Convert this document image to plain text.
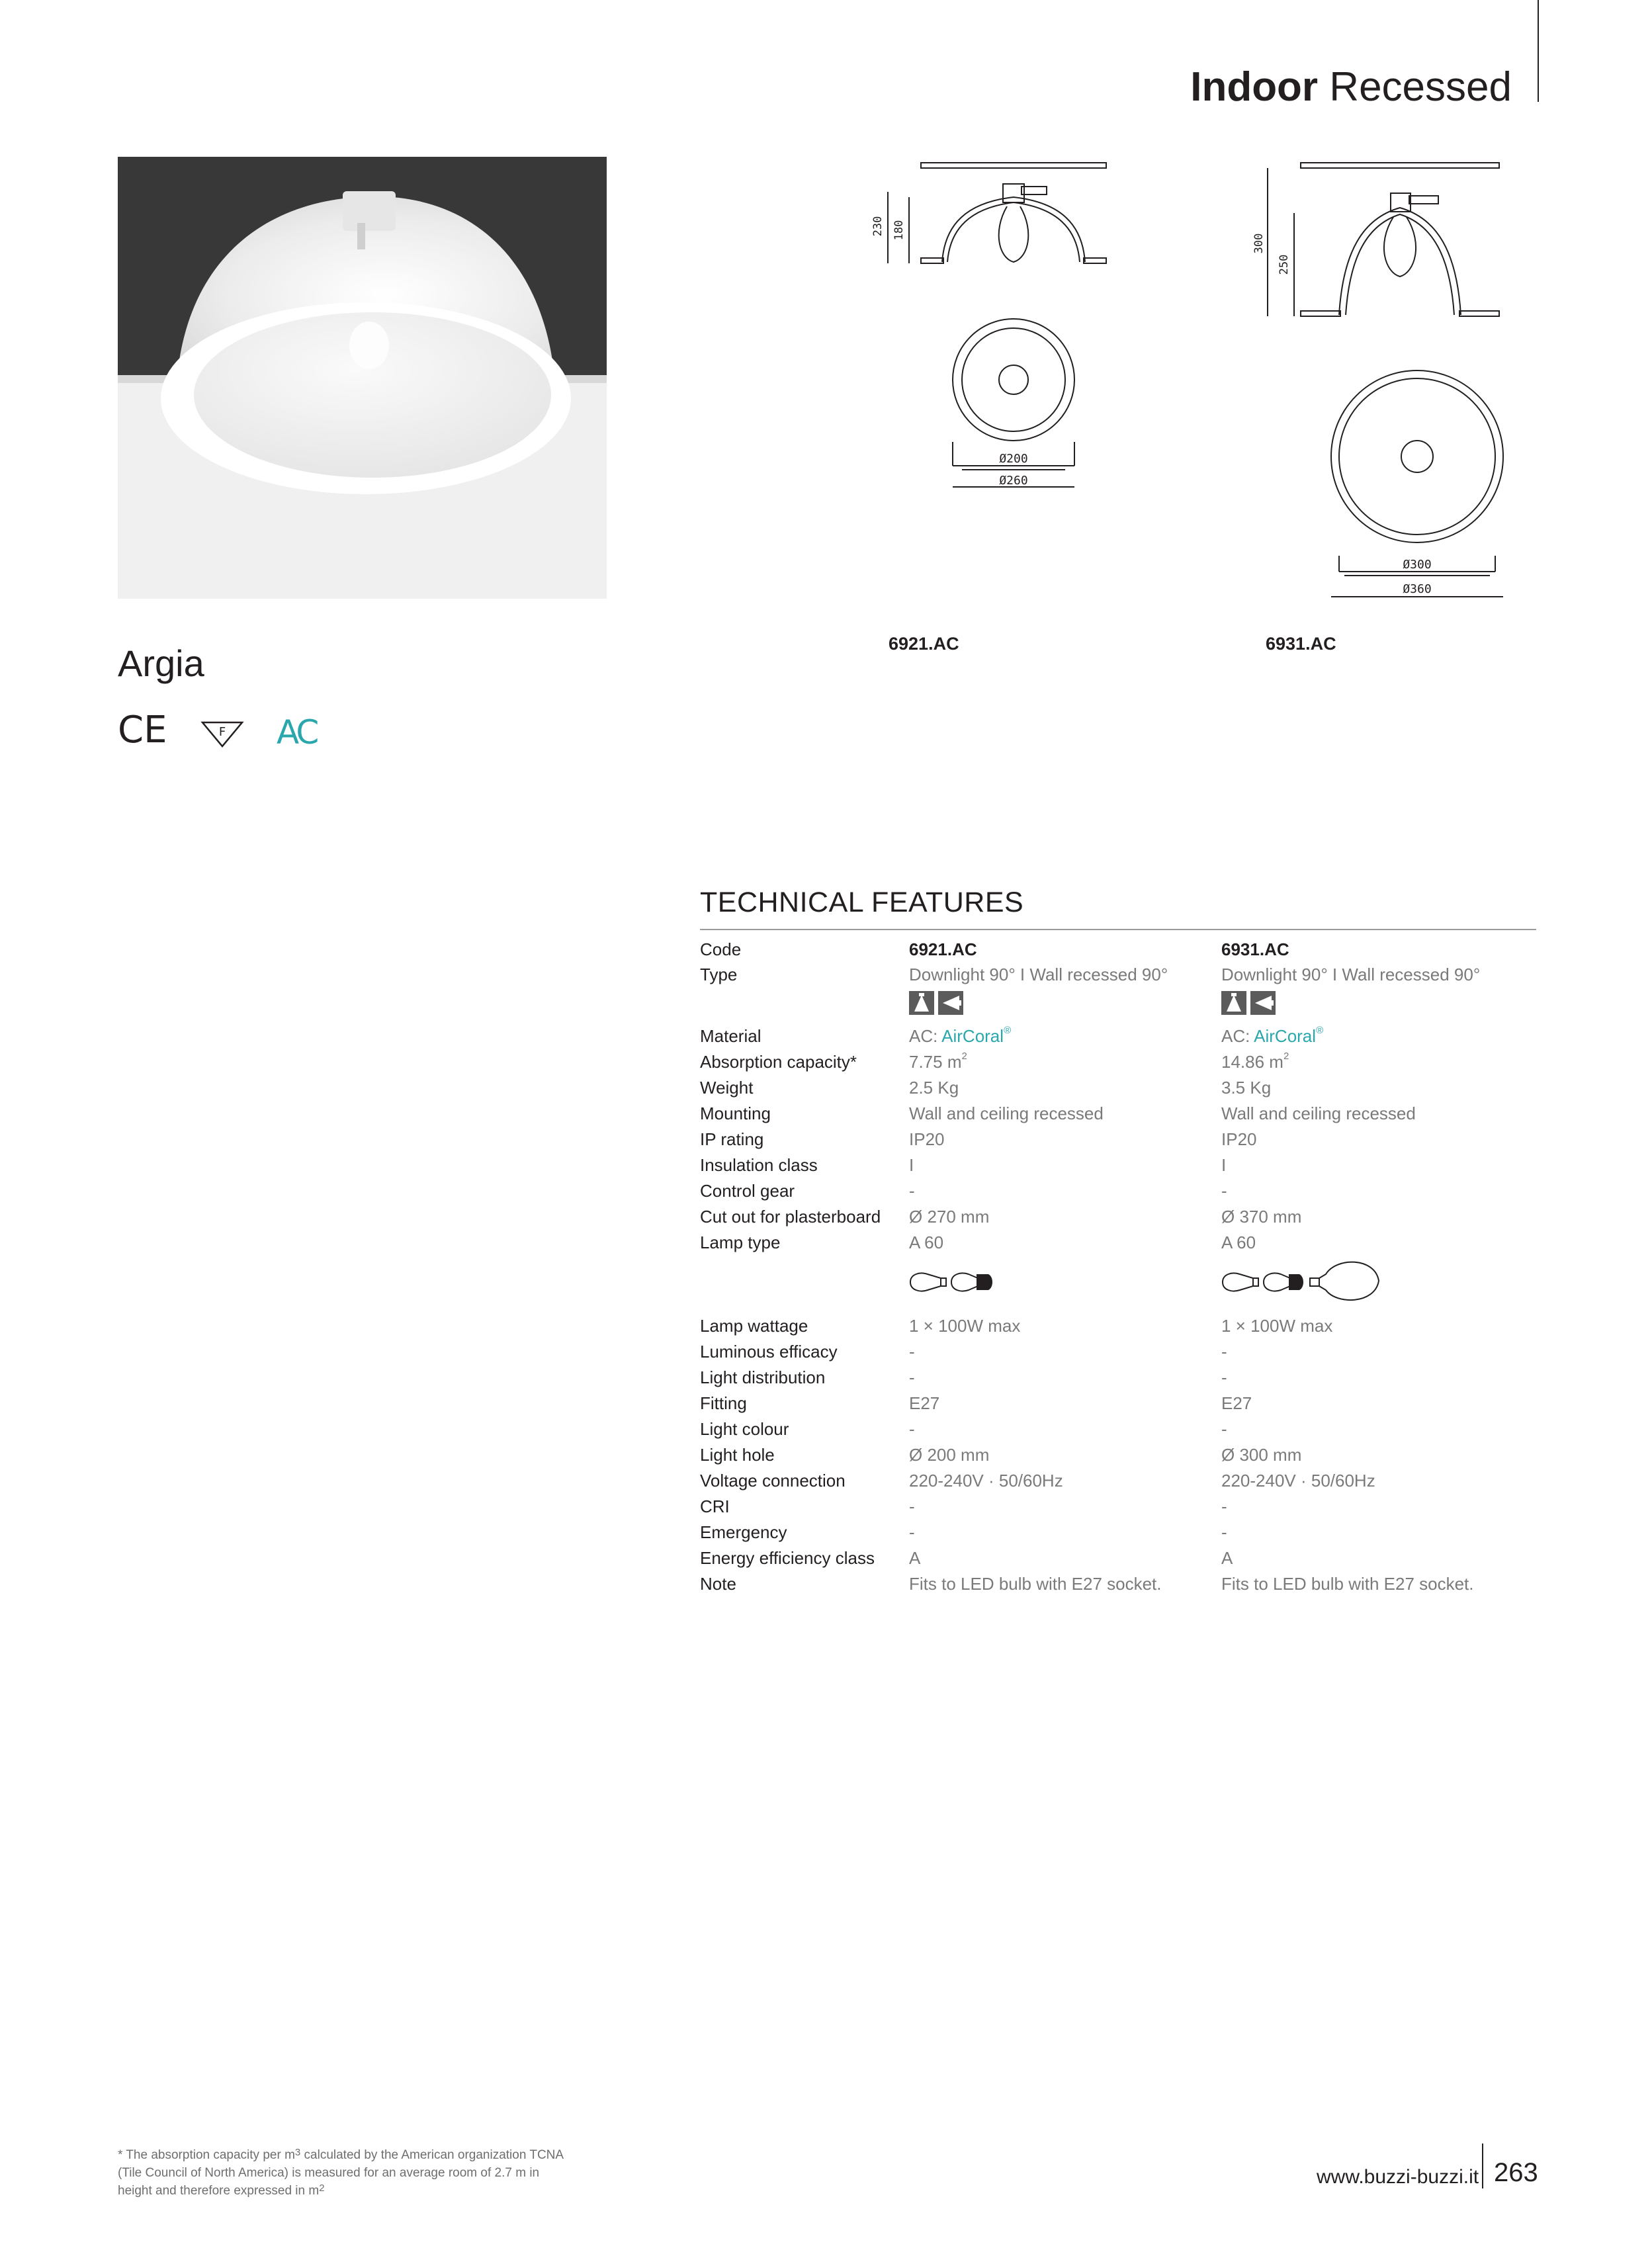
Indoor Recessed
230 180
Ø200
Ø260
6921.AC
300
250
Ø300
Ø360
6931.AC
Argia
CE	F AC
TECHNICAL FEATURES
Code	6921.AC	6931.AC
Type	Downlight 90° I Wall recessed 90°	Downlight 90° I Wall recessed 90°
Material	AC: AirCoral®	AC: AirCoral®
Absorption capacity*	7.75 $m^2$	14.86 $m^2$
Weight	2.5 Kg	3.5 Kg
Mounting	Wall and ceiling recessed	Wall and ceiling recessed
IP rating	IP20	IP20
Insulation class	I	I
Control gear	-	-
Cut out for plasterboard	Ø 270 mm	Ø 370 mm
Lamp type	A 60	A 60
Lamp wattage	1 × 100W max	1 × 100W max
Luminous efficacy	-	-
Light distribution	-	-
Fitting	E27	E27
Light colour	-	-
Light hole	Ø 200 mm	Ø 300 mm
Voltage connection	220-240V · 50/60Hz	220-240V · 50/60Hz
CRI	-	-
Emergency	-	-
Energy efficiency class	A	A
Note	Fits to LED bulb with E27 socket.	Fits to LED bulb with E27 socket.
* The absorption capacity per $m^3$ calculated by the American organization TCNA
(Tile Council of North America) is measured for an average room of 2.7 m in
height and therefore expressed in $m^2$
www.buzzi-buzzi.it 263
